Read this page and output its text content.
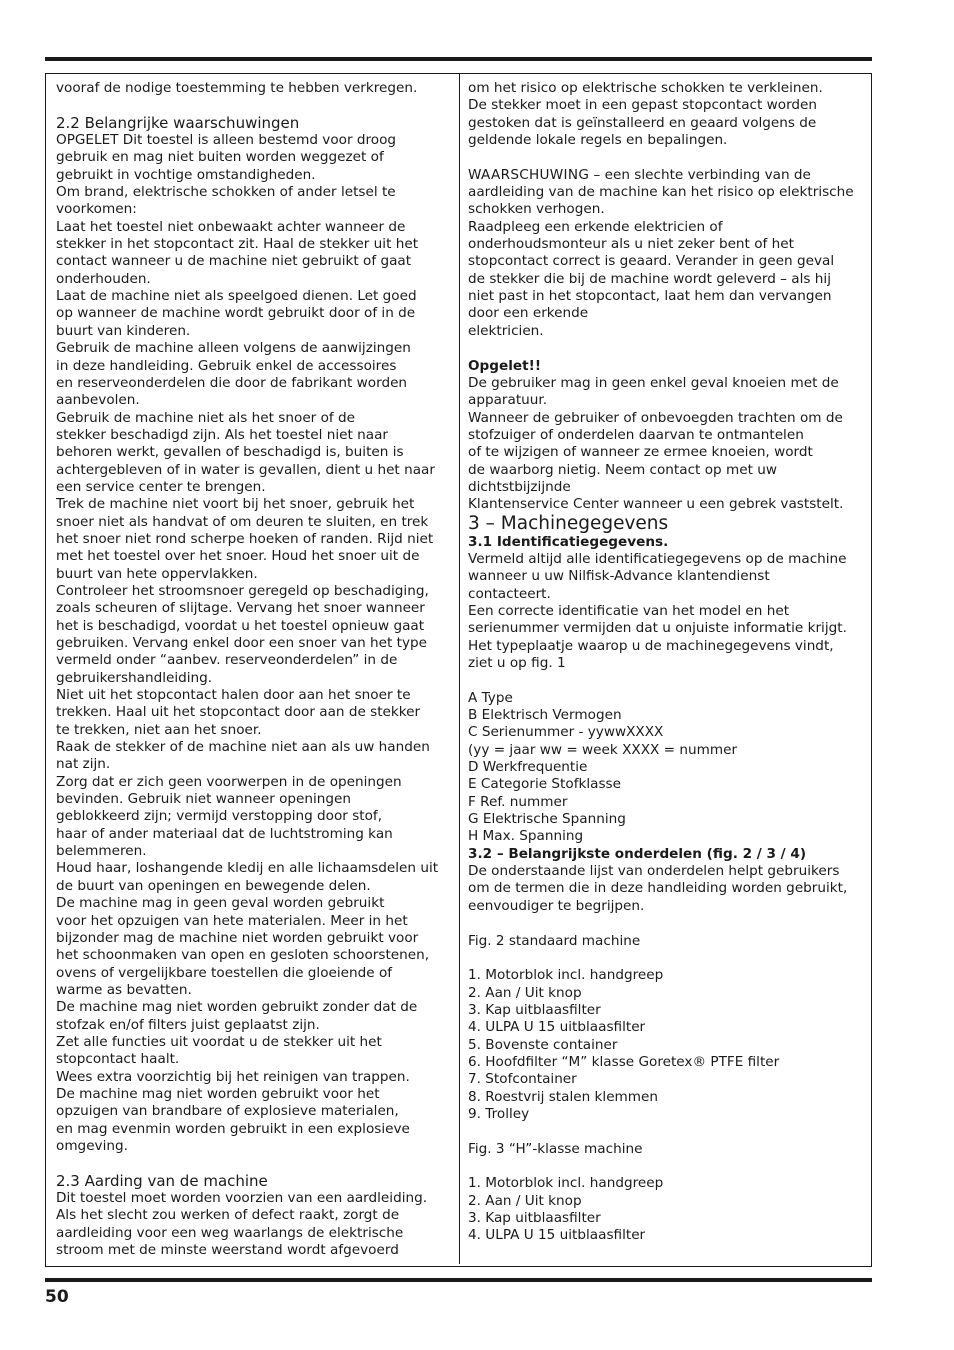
vooraf de nodige toestemming te hebben verkregen.

2.2 Belangrijke waarschuwingen

OPGELET Dit toestel is alleen bestemd voor droog
gebruik en mag niet buiten worden weggezet of
gebruikt in vochtige omstandigheden.
Om brand, elektrische schokken of ander letsel te
voorkomen:
Laat het toestel niet onbewaakt achter wanneer de
stekker in het stopcontact zit. Haal de stekker uit het
contact wanneer u de machine niet gebruikt of gaat
onderhouden.
Laat de machine niet als speelgoed dienen. Let goed
op wanneer de machine wordt gebruikt door of in de
buurt van kinderen.
Gebruik de machine alleen volgens de aanwijzingen
in deze handleiding. Gebruik enkel de accessoires
en reserveonderdelen die door de fabrikant worden
aanbevolen.
Gebruik de machine niet als het snoer of de
stekker beschadigd zijn. Als het toestel niet naar
behoren werkt, gevallen of beschadigd is, buiten is
achtergebleven of in water is gevallen, dient u het naar
een service center te brengen.
Trek de machine niet voort bij het snoer, gebruik het
snoer niet als handvat of om deuren te sluiten, en trek
het snoer niet rond scherpe hoeken of randen. Rijd niet
met het toestel over het snoer. Houd het snoer uit de
buurt van hete oppervlakken.
Controleer het stroomsnoer geregeld op beschadiging,
zoals scheuren of slijtage. Vervang het snoer wanneer
het is beschadigd, voordat u het toestel opnieuw gaat
gebruiken. Vervang enkel door een snoer van het type
vermeld onder “aanbev. reserveonderdelen” in de
gebruikershandleiding.
Niet uit het stopcontact halen door aan het snoer te
trekken. Haal uit het stopcontact door aan de stekker
te trekken, niet aan het snoer.
Raak de stekker of de machine niet aan als uw handen
nat zijn.
Zorg dat er zich geen voorwerpen in de openingen
bevinden. Gebruik niet wanneer openingen
geblokkeerd zijn; vermijd verstopping door stof,
haar of ander materiaal dat de luchtstroming kan
belemmeren.
Houd haar, loshangende kledij en alle lichaamsdelen uit
de buurt van openingen en bewegende delen.
De machine mag in geen geval worden gebruikt
voor het opzuigen van hete materialen. Meer in het
bijzonder mag de machine niet worden gebruikt voor
het schoonmaken van open en gesloten schoorstenen,
ovens of vergelijkbare toestellen die gloeiende of
warme as bevatten.
De machine mag niet worden gebruikt zonder dat de
stofzak en/of filters juist geplaatst zijn.
Zet alle functies uit voordat u de stekker uit het
stopcontact haalt.
Wees extra voorzichtig bij het reinigen van trappen.
De machine mag niet worden gebruikt voor het
opzuigen van brandbare of explosieve materialen,
en mag evenmin worden gebruikt in een explosieve
omgeving.

2.3 Aarding van de machine

Dit toestel moet worden voorzien van een aardleiding.
Als het slecht zou werken of defect raakt, zorgt de
aardleiding voor een weg waarlangs de elektrische
stroom met de minste weerstand wordt afgevoerd

om het risico op elektrische schokken te verkleinen.
De stekker moet in een gepast stopcontact worden
gestoken dat is geïnstalleerd en geaard volgens de
geldende lokale regels en bepalingen.

WAARSCHUWING – een slechte verbinding van de
aardleiding van de machine kan het risico op elektrische
schokken verhogen.
Raadpleeg een erkende elektricien of
onderhoudsmonteur als u niet zeker bent of het
stopcontact correct is geaard. Verander in geen geval
de stekker die bij de machine wordt geleverd – als hij
niet past in het stopcontact, laat hem dan vervangen
door een erkende
elektricien.

Opgelet!!

De gebruiker mag in geen enkel geval knoeien met de
apparatuur.
Wanneer de gebruiker of onbevoegden trachten om de
stofzuiger of onderdelen daarvan te ontmantelen
of te wijzigen of wanneer ze ermee knoeien, wordt
de waarborg nietig. Neem contact op met uw
dichtstbijzijnde
Klantenservice Center wanneer u een gebrek vaststelt.

3 – Machinegegevens

3.1 Identificatiegegevens.

Vermeld altijd alle identificatiegegevens op de machine
wanneer u uw Nilfisk-Advance klantendienst
contacteert.
Een correcte identificatie van het model en het
serienummer vermijden dat u onjuiste informatie krijgt.
Het typeplaatje waarop u de machinegegevens vindt,
ziet u op fig. 1

A Type
B Elektrisch Vermogen
C Serienummer - yywwXXXX
(yy = jaar ww = week XXXX = nummer
D Werkfrequentie
E Categorie Stofklasse
F Ref. nummer
G Elektrische Spanning
H Max. Spanning

3.2 – Belangrijkste onderdelen (fig. 2 / 3 / 4)

De onderstaande lijst van onderdelen helpt gebruikers
om de termen die in deze handleiding worden gebruikt,
eenvoudiger te begrijpen.

Fig. 2 standaard machine

1. Motorblok incl. handgreep
2. Aan / Uit knop
3. Kap uitblaasfilter
4. ULPA U 15 uitblaasfilter
5. Bovenste container
6. Hoofdfilter “M” klasse Goretex® PTFE filter
7. Stofcontainer
8. Roestvrij stalen klemmen
9. Trolley

Fig. 3 “H”-klasse machine

1. Motorblok incl. handgreep
2. Aan / Uit knop
3. Kap uitblaasfilter
4. ULPA U 15 uitblaasfilter

50
